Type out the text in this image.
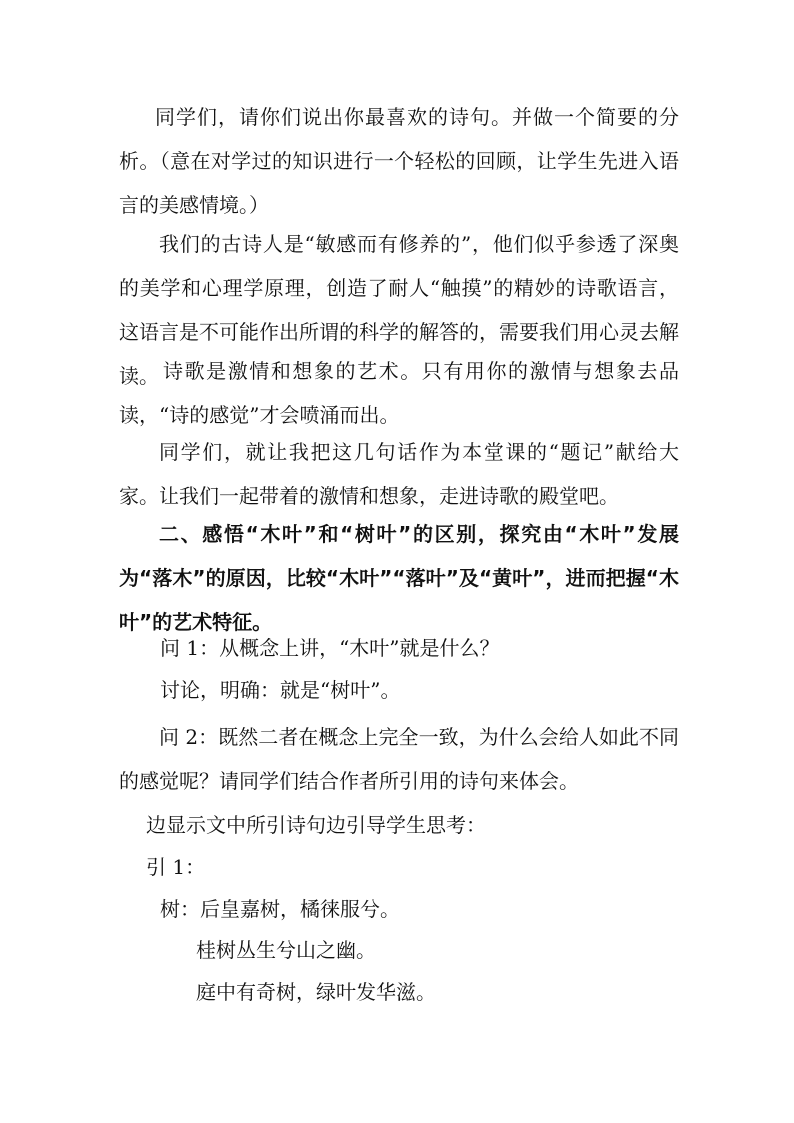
同学们，请你们说出你最喜欢的诗句。并做一个简要的分析。（意在对学过的知识进行一个轻松的回顾，让学生先进入语言的美感情境。）

我们的古诗人是“敏感而有修养的”，他们似乎参透了深奥的美学和心理学原理，创造了耐人“触摸”的精妙的诗歌语言，这语言是不可能作出所谓的科学的解答的，需要我们用心灵去解读。 诗歌是激情和想象的艺术。只有用你的激情与想象去品读，“诗的感觉”才会喷涌而出。

同学们，就让我把这几句话作为本堂课的“题记”献给大家。让我们一起带着的激情和想象，走进诗歌的殿堂吧。

二、感悟“木叶”和“树叶”的区别，探究由“木叶”发展为“落木”的原因，比较“木叶”“落叶”及“黄叶”，进而把握“木叶”的艺术特征。

问 1：从概念上讲，“木叶”就是什么？
讨论，明确：就是“树叶”。

问 2：既然二者在概念上完全一致，为什么会给人如此不同的感觉呢？请同学们结合作者所引用的诗句来体会。

边显示文中所引诗句边引导学生思考：
引 1：
树：后皇嘉树，橘徕服兮。
桂树丛生兮山之幽。
庭中有奇树，绿叶发华滋。
